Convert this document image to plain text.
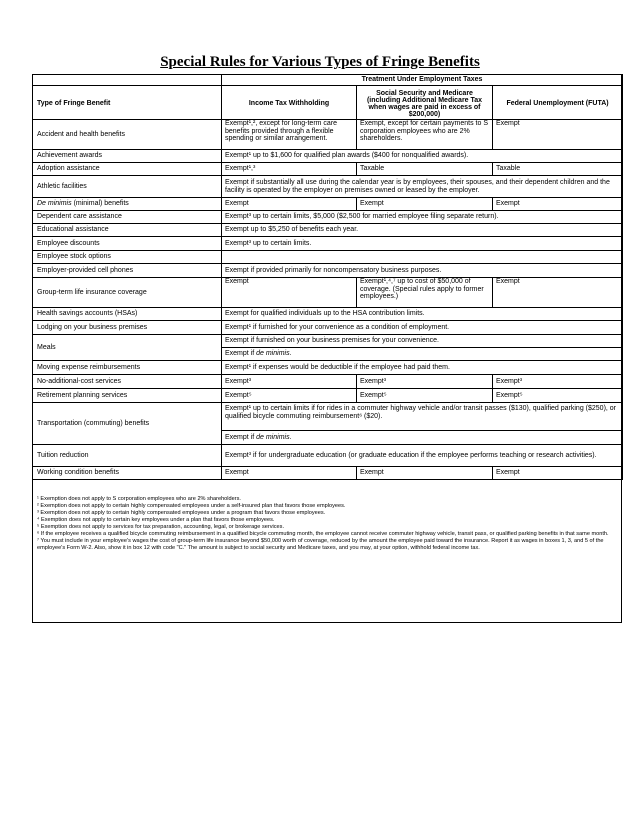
Special Rules for Various Types of Fringe Benefits
	Treatment Under Employment Taxes		
Type of Fringe Benefit	Income Tax Withholding	Social Security and Medicare (including Additional Medicare Tax when wages are paid in excess of $200,000)	Federal Unemployment (FUTA)
Accident and health benefits	Exempt¹,², except for long-term care benefits provided through a flexible spending or similar arrangement.	Exempt, except for certain payments to S corporation employees who are 2% shareholders.	Exempt
Achievement awards	Exempt¹ up to $1,600 for qualified plan awards ($400 for nonqualified awards).		
Adoption assistance	Exempt¹,³	Taxable	Taxable
Athletic facilities	Exempt if substantially all use during the calendar year is by employees, their spouses, and their dependent children and the facility is operated by the employer on premises owned or leased by the employer.		
De minimis (minimal) benefits	Exempt	Exempt	Exempt
Dependent care assistance	Exempt³ up to certain limits, $5,000 ($2,500 for married employee filing separate return).		
Educational assistance	Exempt up to $5,250 of benefits each year.		
Employee discounts	Exempt³ up to certain limits.		
Employee stock options			
Employer-provided cell phones	Exempt if provided primarily for noncompensatory business purposes.		
Group-term life insurance coverage	Exempt	Exempt¹,⁴,⁷ up to cost of $50,000 of coverage. (Special rules apply to former employees.)	Exempt
Health savings accounts (HSAs)	Exempt for qualified individuals up to the HSA contribution limits.		
Lodging on your business premises	Exempt¹ if furnished for your convenience as a condition of employment.		
Meals	Exempt if furnished on your business premises for your convenience.		
	Exempt if de minimis.		
Moving expense reimbursements	Exempt¹ if expenses would be deductible if the employee had paid them.		
No-additional-cost services	Exempt³	Exempt³	Exempt³
Retirement planning services	Exempt⁵	Exempt⁵	Exempt⁵
Transportation (commuting) benefits	Exempt¹ up to certain limits if for rides in a commuter highway vehicle and/or transit passes ($130), qualified parking ($250), or qualified bicycle commuting reimbursement⁶ ($20).		
	Exempt if de minimis.		
Tuition reduction	Exempt³ if for undergraduate education (or graduate education if the employee performs teaching or research activities).		
Working condition benefits	Exempt	Exempt	Exempt
¹ Exemption does not apply to S corporation employees who are 2% shareholders.
² Exemption does not apply to certain highly compensated employees under a self-insured plan that favors those employees.
³ Exemption does not apply to certain highly compensated employees under a program that favors those employees.
⁴ Exemption does not apply to certain key employees under a plan that favors those employees.
⁵ Exemption does not apply to services for tax preparation, accounting, legal, or brokerage services.
⁶ If the employee receives a qualified bicycle commuting reimbursement in a qualified bicycle commuting month, the employee cannot receive commuter highway vehicle, transit pass, or qualified parking benefits in that same month.
⁷ You must include in your employee's wages the cost of group-term life insurance beyond $50,000 worth of coverage, reduced by the amount the employee paid toward the insurance. Report it as wages in boxes 1, 3, and 5 of the employee's Form W-2. Also, show it in box 12 with code "C." The amount is subject to social security and Medicare taxes, and you may, at your option, withhold federal income tax.
